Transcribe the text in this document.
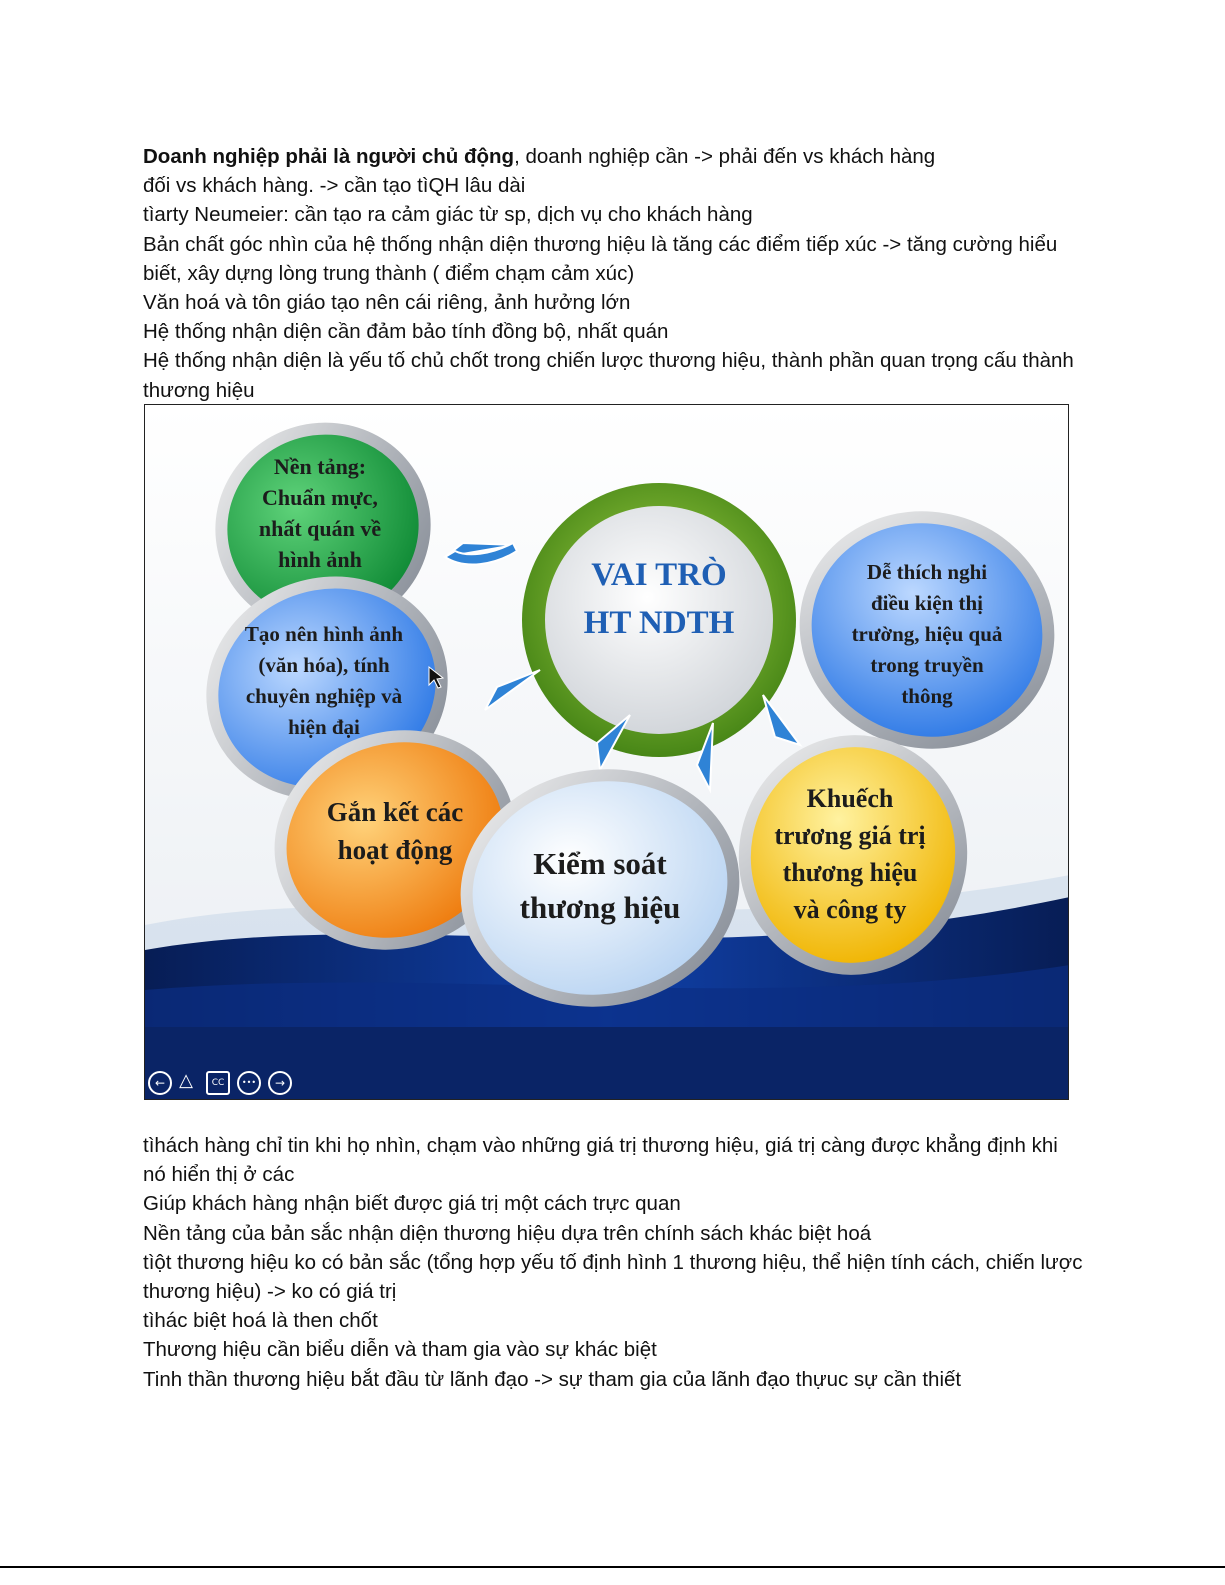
Doanh nghiệp phải là người chủ động, doanh nghiệp cần -> phải đến vs khách hàng

đối vs khách hàng. -> cần tạo tìQH lâu dài

tìarty Neumeier: cần tạo ra cảm giác từ sp, dịch vụ cho khách hàng

Bản chất góc nhìn của hệ thống nhận diện thương hiệu là tăng các điểm tiếp xúc -> tăng cường hiểu biết, xây dựng lòng trung thành ( điểm chạm cảm xúc)

Văn hoá và tôn giáo tạo nên cái riêng, ảnh hưởng lớn

Hệ thống nhận diện cần đảm bảo tính đồng bộ, nhất quán

Hệ thống nhận diện là yếu tố chủ chốt trong chiến lược thương hiệu, thành phần quan trọng cấu thành thương hiệu

VAI TRÒ
HT NDTH
Nền tảng:
Chuẩn mực,
nhất quán về
hình ảnh
Tạo nên hình ảnh
(văn hóa), tính
chuyên nghiệp và
hiện đại
Dễ thích nghi
điều kiện thị
trường, hiệu quả
trong truyền
thông
Gắn kết các
hoạt động	Kiểm soát
thương hiệu
Khuếch
trương giá trị
thương hiệu
và công ty
← △	CC	•••	→

tìhách hàng chỉ tin khi họ nhìn, chạm vào những giá trị thương hiệu, giá trị càng được khẳng định khi nó hiển thị ở các

Giúp khách hàng nhận biết được giá trị một cách trực quan

Nền tảng của bản sắc nhận diện thương hiệu dựa trên chính sách khác biệt hoá

tìột thương hiệu ko có bản sắc (tổng hợp yếu tố định hình 1 thương hiệu, thể hiện tính cách, chiến lược thương hiệu) -> ko có giá trị

tìhác biệt hoá là then chốt

Thương hiệu cần biểu diễn và tham gia vào sự khác biệt

Tinh thần thương hiệu bắt đầu từ lãnh đạo -> sự tham gia của lãnh đạo thựuc sự cần thiết
